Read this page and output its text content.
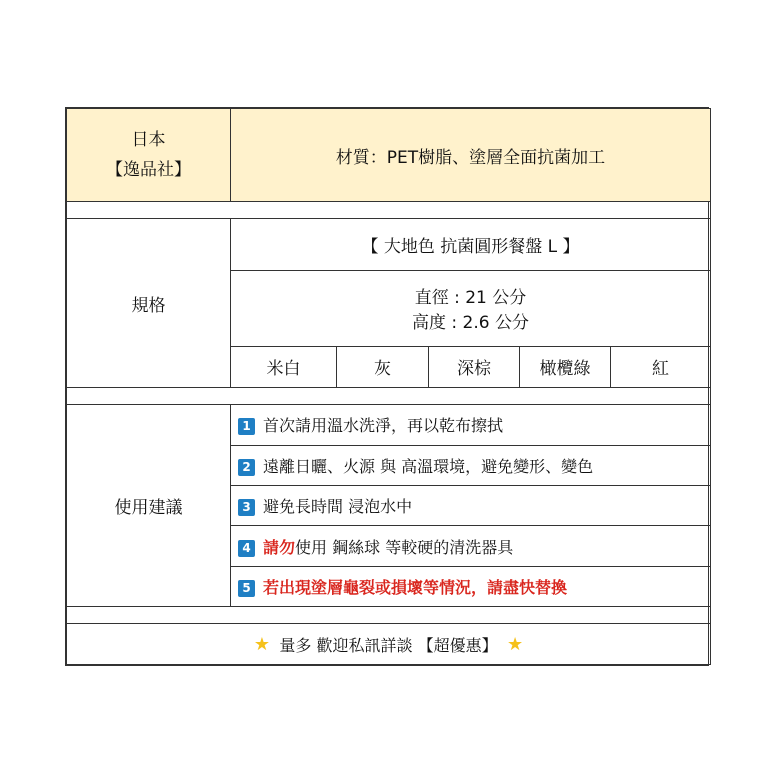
日本
【逸品社】	材質：PET樹脂、塗層全面抗菌加工				

規格	【 大地色 抗菌圓形餐盤 L 】				

	直徑 : 21 公分
高度 : 2.6 公分				

	米白	灰	深棕	橄欖綠	紅

使用建議	1 首次請用溫水洗淨，再以乾布擦拭				
	2 遠離日曬、火源 與 高溫環境，避免變形、變色				
	3 避免長時間 浸泡水中				
	4 請勿使用 鋼絲球 等較硬的清洗器具				
	5 若出現塗層龜裂或損壞等情況，請盡快替換				

★ 量多 歡迎私訊詳談 【超優惠】 ★					
